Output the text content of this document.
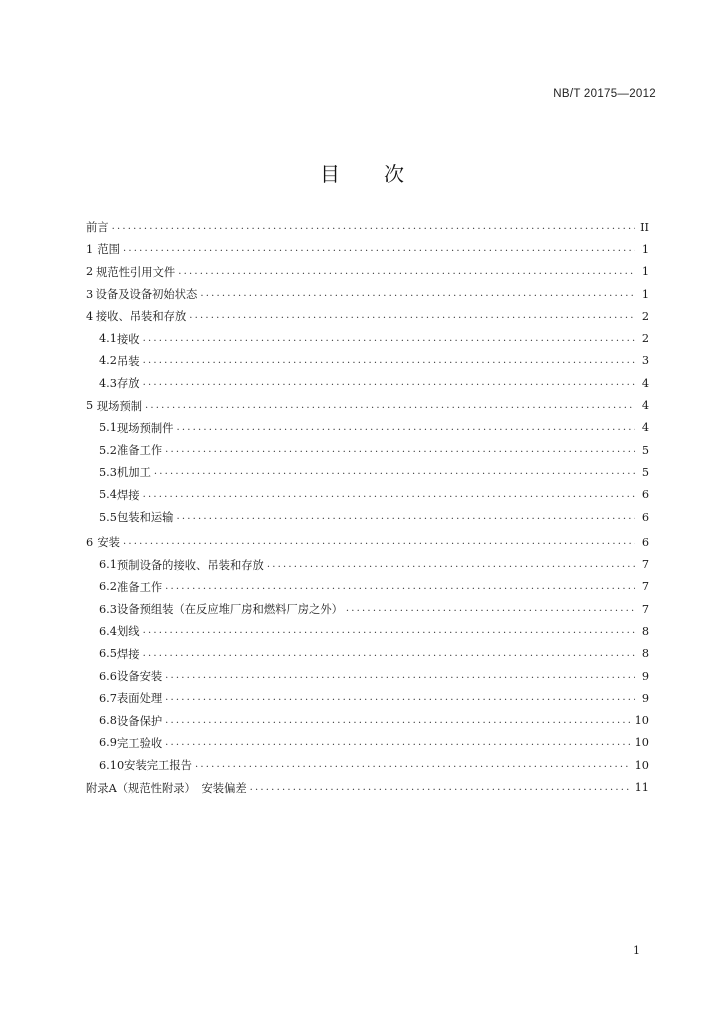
NB/T 20175—2012
目 次
前言 .....	II
1 范围 .....	1
2 规范性引用文件 .....	1
3 设备及设备初始状态 .....	1
4 接收、吊装和存放 .....	2
4.1 接收 .....	2
4.2 吊装 .....	3
4.3 存放 .....	4
5 现场预制 .....	4
5.1 现场预制件 .....	4
5.2 准备工作 .....	5
5.3 机加工 .....	5
5.4 焊接 .....	6
5.5 包装和运输 .....	6
6 安装 .....	6
6.1 预制设备的接收、吊装和存放 .....	7
6.2 准备工作 .....	7
6.3 设备预组装（在反应堆厂房和燃料厂房之外） .....	7
6.4 划线 .....	8
6.5 焊接 .....	8
6.6 设备安装 .....	9
6.7 表面处理 .....	9
6.8 设备保护 .....	10
6.9 完工验收 .....	10
6.10 安装完工报告 .....	10
附录A（规范性附录）　安装偏差 .....	11
1
